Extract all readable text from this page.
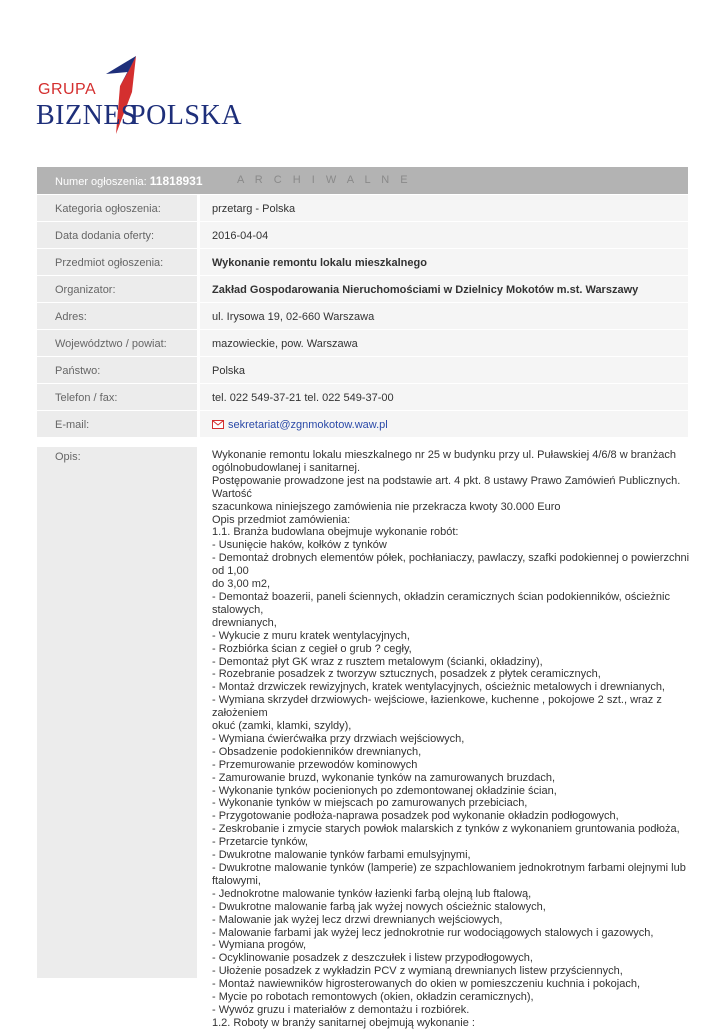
GRUPA
BIZNES
POLSKA
Numer ogłoszenia: 11818931	A R C H I W A L N E
Kategoria ogłoszenia:	przetarg - Polska
Data dodania oferty:	2016-04-04
Przedmiot ogłoszenia:	Wykonanie remontu lokalu mieszkalnego
Organizator:	Zakład Gospodarowania Nieruchomościami w Dzielnicy Mokotów m.st. Warszawy
Adres:	ul. Irysowa 19, 02-660 Warszawa
Województwo / powiat:	mazowieckie, pow. Warszawa
Państwo:	Polska
Telefon / fax:	tel. 022 549-37-21 tel. 022 549-37-00
E-mail:	sekretariat@zgnmokotow.waw.pl
Opis:	Wykonanie remontu lokalu mieszkalnego nr 25 w budynku przy ul. Puławskiej 4/6/8 w branżach
ogólnobudowlanej i sanitarnej.
Postępowanie prowadzone jest na podstawie art. 4 pkt. 8 ustawy Prawo Zamówień Publicznych. Wartość
szacunkowa niniejszego zamówienia nie przekracza kwoty 30.000 Euro
Opis przedmiot zamówienia:
1.1. Branża budowlana obejmuje wykonanie robót:
- Usunięcie haków, kołków z tynków
- Demontaż drobnych elementów półek, pochłaniaczy, pawlaczy, szafki podokiennej o powierzchni od 1,00
do 3,00 m2,
- Demontaż boazerii, paneli ściennych, okładzin ceramicznych ścian podokienników, ościeżnic stalowych,
drewnianych,
- Wykucie z muru kratek wentylacyjnych,
- Rozbiórka ścian z cegieł o grub ? cegły,
- Demontaż płyt GK wraz z rusztem metalowym (ścianki, okładziny),
- Rozebranie posadzek z tworzyw sztucznych, posadzek z płytek ceramicznych,
- Montaż drzwiczek rewizyjnych, kratek wentylacyjnych, ościeżnic metalowych i drewnianych,
- Wymiana skrzydeł drzwiowych- wejściowe, łazienkowe, kuchenne , pokojowe 2 szt., wraz z założeniem
okuć (zamki, klamki, szyldy),
- Wymiana ćwierćwałka przy drzwiach wejściowych,
- Obsadzenie podokienników drewnianych,
- Przemurowanie przewodów kominowych
- Zamurowanie bruzd, wykonanie tynków na zamurowanych bruzdach,
- Wykonanie tynków pocienionych po zdemontowanej okładzinie ścian,
- Wykonanie tynków w miejscach po zamurowanych przebiciach,
- Przygotowanie podłoża-naprawa posadzek pod wykonanie okładzin podłogowych,
- Zeskrobanie i zmycie starych powłok malarskich z tynków z wykonaniem gruntowania podłoża,
- Przetarcie tynków,
- Dwukrotne malowanie tynków farbami emulsyjnymi,
- Dwukrotne malowanie tynków (lamperie) ze szpachlowaniem jednokrotnym farbami olejnymi lub
ftalowymi,
- Jednokrotne malowanie tynków łazienki farbą olejną lub ftalową,
- Dwukrotne malowanie farbą jak wyżej nowych ościeżnic stalowych,
- Malowanie jak wyżej lecz drzwi drewnianych wejściowych,
- Malowanie farbami jak wyżej lecz jednokrotnie rur wodociągowych stalowych i gazowych,
- Wymiana progów,
- Ocyklinowanie posadzek z deszczułek i listew przypodłogowych,
- Ułożenie posadzek z wykładzin PCV z wymianą drewnianych listew przyściennych,
- Montaż nawiewników higrosterowanych do okien w pomieszczeniu kuchnia i pokojach,
- Mycie po robotach remontowych (okien, okładzin ceramicznych),
- Wywóz gruzu i materiałów z demontażu i rozbiórek.
1.2. Roboty w branży sanitarnej obejmują wykonanie :
